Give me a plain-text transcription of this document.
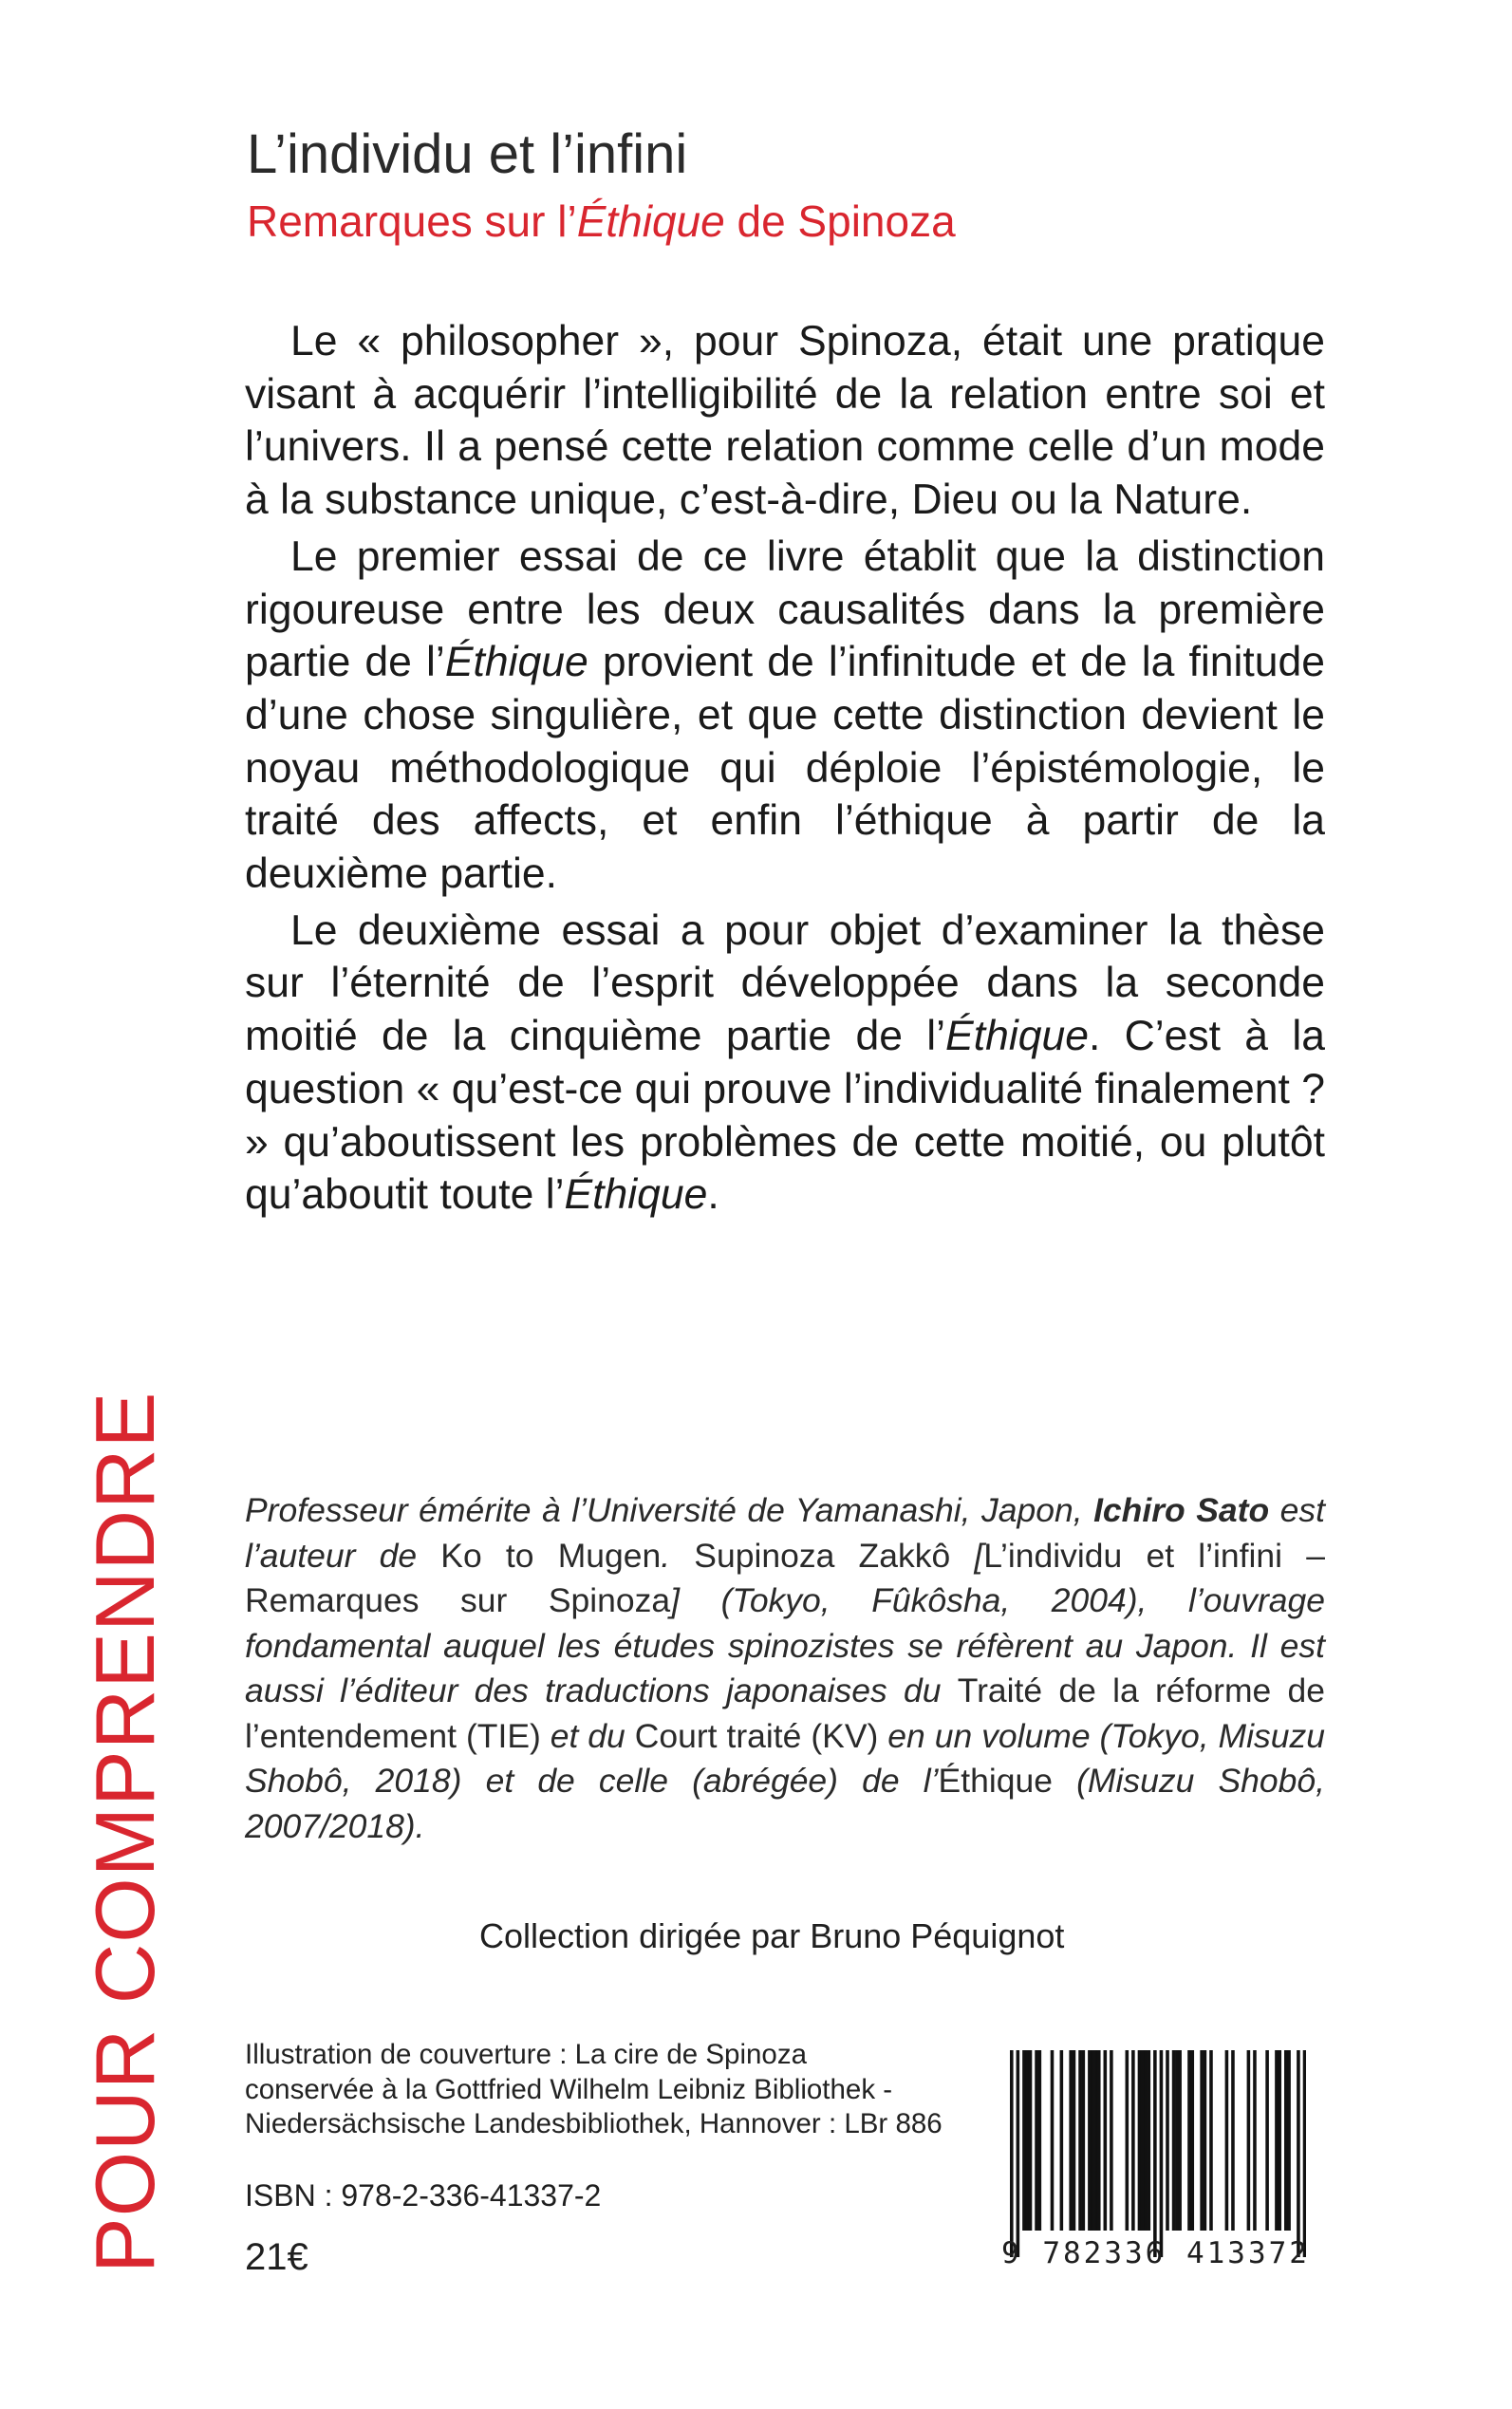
POUR COMPRENDRE
L’individu et l’infini
Remarques sur l’Éthique de Spinoza

Le « philosopher », pour Spinoza, était une pratique visant à acquérir l’intelligibilité de la relation entre soi et l’univers. Il a pensé cette relation comme celle d’un mode à la substance unique, c’est-à-dire, Dieu ou la Nature.

Le premier essai de ce livre établit que la distinction rigoureuse entre les deux causalités dans la première partie de l’Éthique provient de l’infinitude et de la finitude d’une chose singulière, et que cette distinction devient le noyau méthodologique qui déploie l’épistémologie, le traité des affects, et enfin l’éthique à partir de la deuxième partie.

Le deuxième essai a pour objet d’examiner la thèse sur l’éternité de l’esprit développée dans la seconde moitié de la cinquième partie de l’Éthique. C’est à la question « qu’est-ce qui prouve l’individualité finalement ? » qu’aboutissent les problèmes de cette moitié, ou plutôt qu’aboutit toute l’Éthique.

Professeur émérite à l’Université de Yamanashi, Japon, Ichiro Sato est l’auteur de Ko to Mugen. Supinoza Zakkô [L’individu et l’infini – Remarques sur Spinoza] (Tokyo, Fûkôsha, 2004), l’ouvrage fondamental auquel les études spinozistes se réfèrent au Japon. Il est aussi l’éditeur des traductions japonaises du Traité de la réforme de l’entendement (TIE) et du Court traité (KV) en un volume (Tokyo, Misuzu Shobô, 2018) et de celle (abrégée) de l’Éthique (Misuzu Shobô, 2007/2018).
Collection dirigée par Bruno Péquignot
Illustration de couverture : La cire de Spinoza
conservée à la Gottfried Wilhelm Leibniz Bibliothek -
Niedersächsische Landesbibliothek, Hannover : LBr 886
ISBN : 978-2-336-41337-2
21€	9 782336 413372
